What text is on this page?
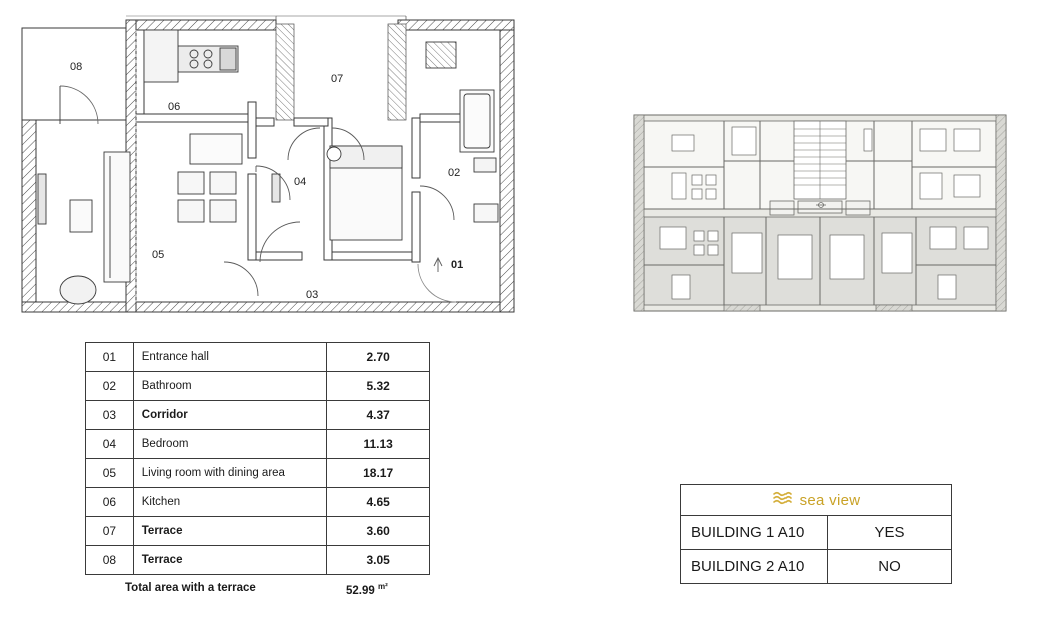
08
06
07
02
04
05
01
03
01	Entrance hall	2.70
02	Bathroom	5.32
03	Corridor	4.37
04	Bedroom	11.13
05	Living room with dining area	18.17
06	Kitchen	4.65
07	Terrace	3.60
08	Terrace	3.05
Total area with a terrace	52.99 $^{m^2}$
sea view	

BUILDING 1 A10	YES
BUILDING 2 A10	NO
